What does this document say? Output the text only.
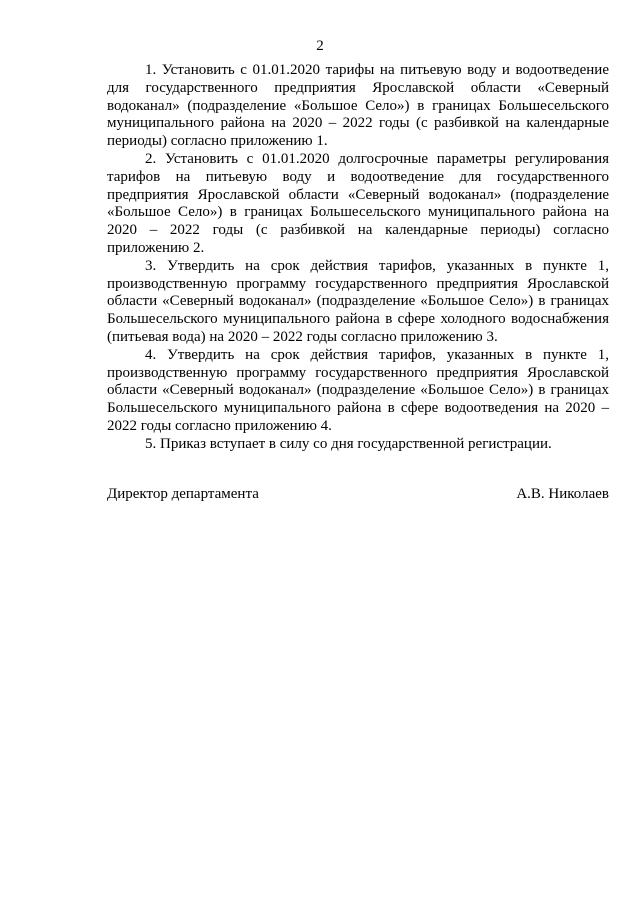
2

1. Установить с 01.01.2020 тарифы на питьевую воду и водоотведение для государственного предприятия Ярославской области «Северный водоканал» (подразделение «Большое Село») в границах Большесельского муниципального района на 2020 – 2022 годы (с разбивкой на календарные периоды) согласно приложению 1.

2. Установить с 01.01.2020 долгосрочные параметры регулирования тарифов на питьевую воду и водоотведение для государственного предприятия Ярославской области «Северный водоканал» (подразделение «Большое Село») в границах Большесельского муниципального района на 2020 – 2022 годы (с разбивкой на календарные периоды) согласно приложению 2.

3. Утвердить на срок действия тарифов, указанных в пункте 1, производственную программу государственного предприятия Ярославской области «Северный водоканал» (подразделение «Большое Село») в границах Большесельского муниципального района в сфере холодного водоснабжения (питьевая вода) на 2020 – 2022 годы согласно приложению 3.

4. Утвердить на срок действия тарифов, указанных в пункте 1, производственную программу государственного предприятия Ярославской области «Северный водоканал» (подразделение «Большое Село») в границах Большесельского муниципального района в сфере водоотведения на 2020 – 2022 годы согласно приложению 4.

5. Приказ вступает в силу со дня государственной регистрации.

Директор департамента	А.В. Николаев
